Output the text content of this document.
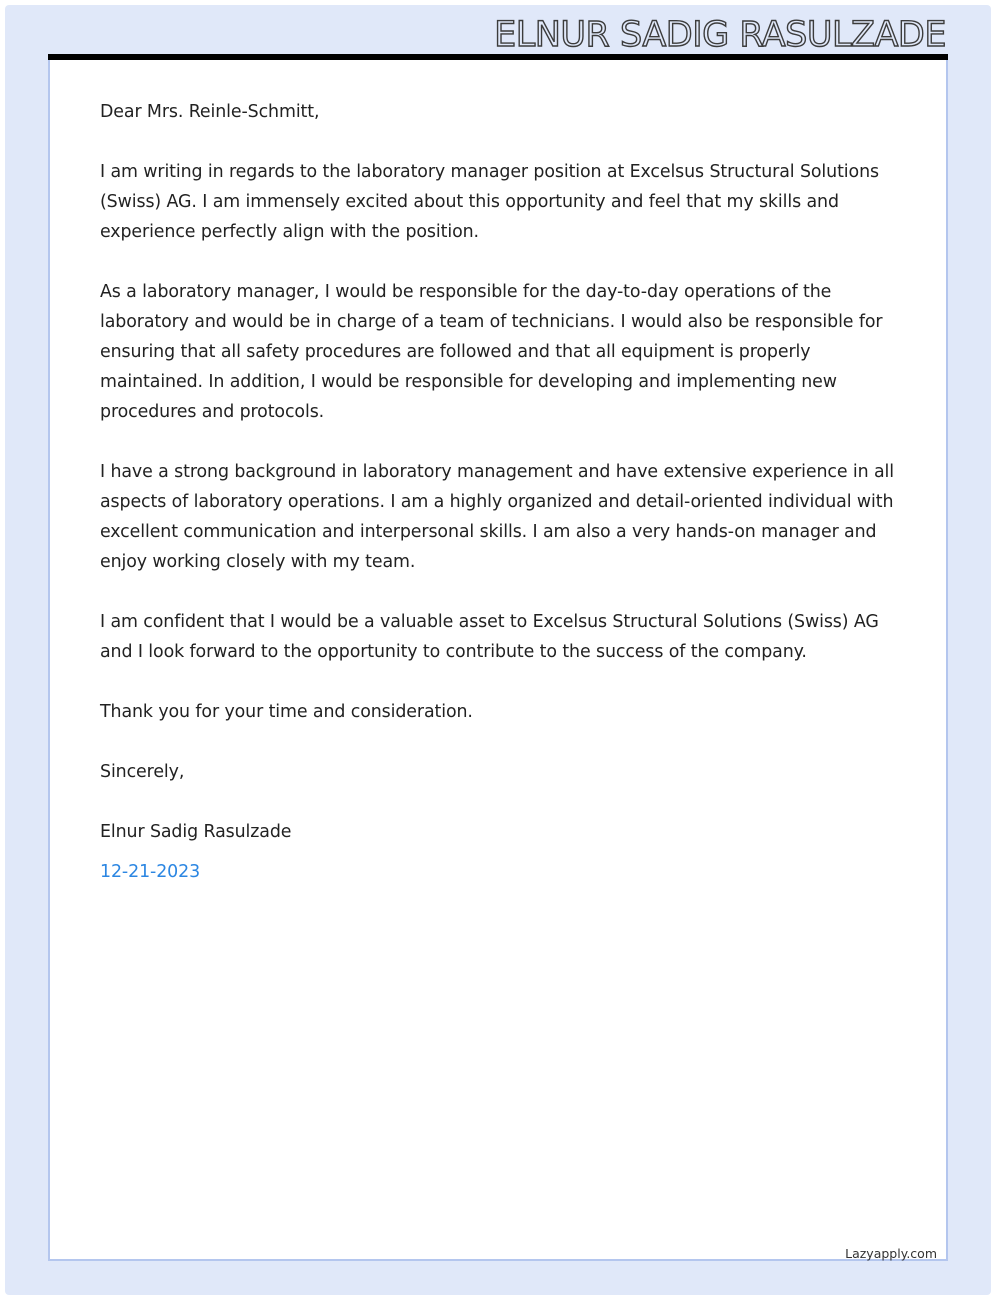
ELNUR SADIG RASULZADE

Dear Mrs. Reinle-Schmitt,

I am writing in regards to the laboratory manager position at Excelsus Structural Solutions (Swiss) AG. I am immensely excited about this opportunity and feel that my skills and experience perfectly align with the position.

As a laboratory manager, I would be responsible for the day-to-day operations of the laboratory and would be in charge of a team of technicians. I would also be responsible for ensuring that all safety procedures are followed and that all equipment is properly maintained. In addition, I would be responsible for developing and implementing new procedures and protocols.

I have a strong background in laboratory management and have extensive experience in all aspects of laboratory operations. I am a highly organized and detail-oriented individual with excellent communication and interpersonal skills. I am also a very hands-on manager and enjoy working closely with my team.

I am confident that I would be a valuable asset to Excelsus Structural Solutions (Swiss) AG and I look forward to the opportunity to contribute to the success of the company.

Thank you for your time and consideration.

Sincerely,

Elnur Sadig Rasulzade

12-21-2023

Lazyapply.com
